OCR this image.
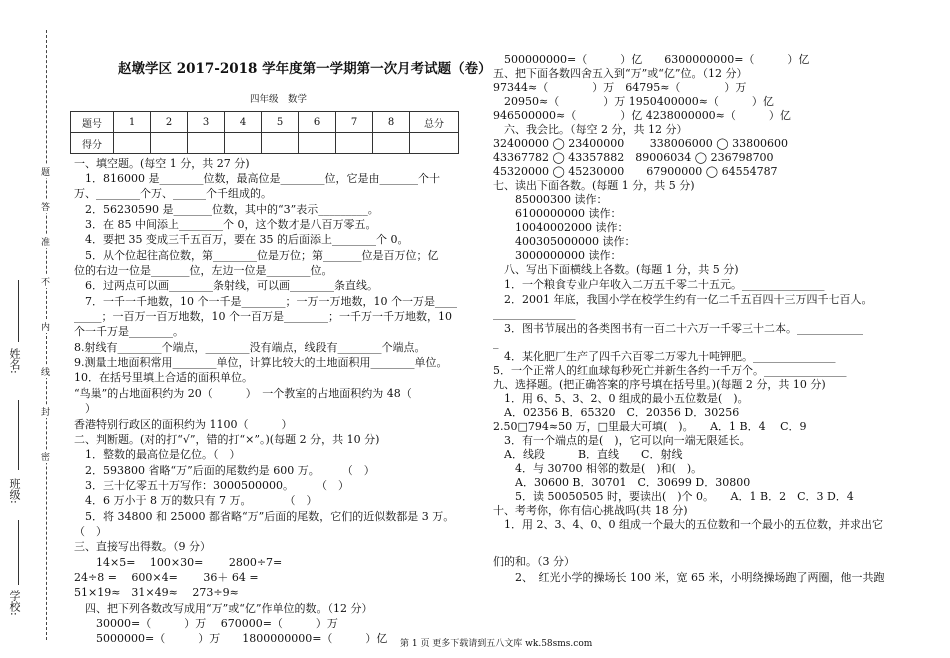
学校:
班级:
姓名:
题
答
准
不
内
线
封
密
赵墩学区 2017-2018 学年度第一学期第一次月考试题（卷）
四年级　数学
题号	1	2	3	4	5	6	7	8	总分
得分									
一、填空题。(每空 1 分，共 27 分)
　1．816000 是________位数，最高位是________位，它是由_______个十
万、________个万、______个千组成的。
　2．56230590 是_______位数，其中的“3”表示_________。
　3．在 85 中间添上________个 0，这个数才是八百万零五。
　4．要把 35 变成三千五百万，要在 35 的后面添上________个 0。
　5．从个位起往高位数，第________位是万位；第_______位是百万位；亿
位的右边一位是_______位，左边一位是________位。
　6．过两点可以画________条射线，可以画________条直线。
　7．一千一千地数，10 个一千是________；一万一万地数，10 个一万是____
_____；一百万一百万地数，10 个一百万是________；一千万一千万地数，10
个一千万是________。
8.射线有________个端点，________没有端点，线段有________个端点。
9.测量土地面积常用________单位，计算比较大的土地面积用________单位。
10．在括号里填上合适的面积单位。
“鸟巢”的占地面积约为 20（　　　）　一个教室的占地面积约为 48（
　）
香港特别行政区的面积约为 1100（　　　）
二、判断题。(对的打“√”，错的打“×”。)(每题 2 分，共 10 分)
　1．整数的最高位是亿位。（　）
　2．593800 省略“万”后面的尾数约是 600 万。　　　（　）
　3．三十亿零五十万写作：3000500000。　　　（　）
　4．6 万小于 8 万的数只有 7 万。　　　　（　）
　5．将 34800 和 25000 都省略“万”后面的尾数，它们的近似数都是 3 万。
（　）
三、直接写出得数。（9 分）
　　14×5=　 100×30=　 　2800÷7=
24÷8 =　 600×4=　　 36＋ 64 =
51×19≈　31×49≈　 273÷9≈
　四、把下列各数改写成用“万”或“亿”作单位的数。（12 分）
　　30000=（　　　）万　 670000=（　　　）万
　　5000000=（　　　）万　　1800000000=（　　　）亿
　500000000=（　　　）亿　　6300000000=（　　　）亿
五、把下面各数四舍五入到“万”或“亿”位。（12 分）
97344≈（　　　　）万　64795≈（　　　　）万
　20950≈（　　　　）万 1950400000≈（　　　）亿
946500000≈（　　　　）亿 4238000000≈（　　　）亿
　六、我会比。（每空 2 分，共 12 分）
32400000 ◯ 23400000　　 338006000 ◯ 33800600
43367782 ◯ 43357882　89006034 ◯ 236798700
45320000 ◯ 45230000　　67900000 ◯ 64554787
七、读出下面各数。(每题 1 分，共 5 分)
　　85000300 读作：
　　6100000000 读作：
　　10040002000 读作：
　　400305000000 读作：
　　3000000000 读作：
　八、写出下面横线上各数。(每题 1 分，共 5 分)
　1．一个粮食专业户年收入二万五千零二十五元。_______________
　2．2001 年底，我国小学在校学生约有一亿二千五百四十三万四千七百人。
_______________
　3．图书节展出的各类图书有一百二十六万一千零三十二本。____________
_
　4．某化肥厂生产了四千六百零二万零九十吨钾肥。_______________
5．一个正常人的红血球每秒死亡并新生各约一千万个。_______________
九、选择题。(把正确答案的序号填在括号里。)(每题 2 分，共 10 分)
　1．用 6、5、3、2、0 组成的最小五位数是(　)。
　A．02356 B．65320　C．20356 D．30256
2.50□794≈50 万，□里最大可填(　)。　　A．1 B．4　 C．9
　3．有一个端点的是(　)，它可以向一端无限延长。
　A．线段　　　B．直线　　C．射线
　　4．与 30700 相邻的数是(　)和(　)。
　　A．30600 B．30701　C．30699 D．30800
　　5．读 50050505 时，要读出(　)个 0。　　A．1 B．2　C．3 D．4
十、考考你，你有信心挑战吗(共 18 分)
　1．用 2、3、4、0、0 组成一个最大的五位数和一个最小的五位数，并求出它
们的和。（3 分）
　　2、　红光小学的操场长 100 米，宽 65 米，小明绕操场跑了两圈，他一共跑
第 1 页 更多下载请到五八文库 wk.58sms.com
